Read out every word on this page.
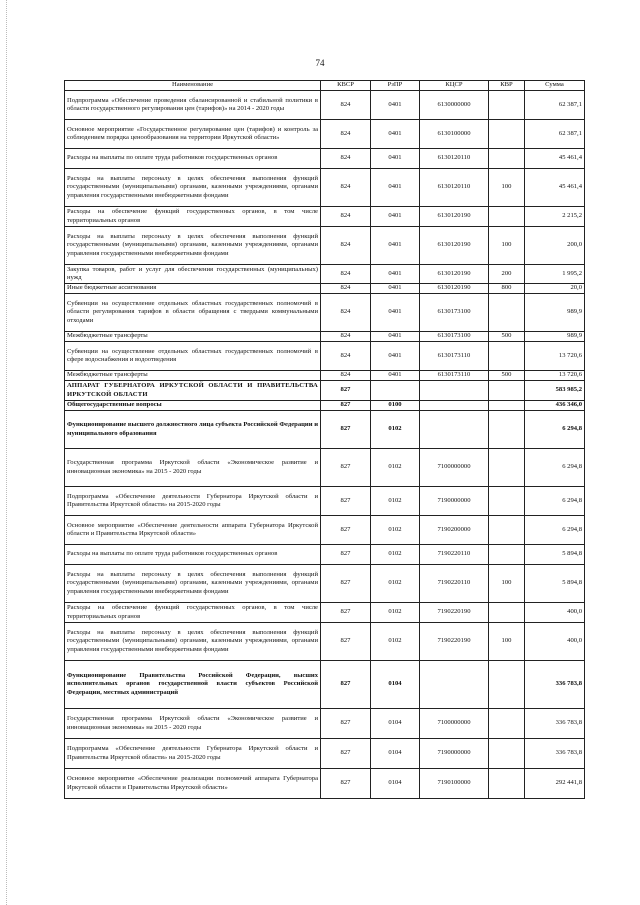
74
Наименование	КВСР	РзПР	КЦСР	КВР	Сумма
Подпрограмма «Обеспечение проведения сбалансированной и стабильной политики в области государственного регулирования цен (тарифов)» на 2014 - 2020 годы	824	0401	6130000000		62 387,1
Основное мероприятие «Государственное регулирование цен (тарифов) и контроль за соблюдением порядка ценообразования на территории Иркутской области»	824	0401	6130100000		62 387,1
Расходы на выплаты по оплате труда работников государственных органов	824	0401	6130120110		45 461,4
Расходы на выплаты персоналу в целях обеспечения выполнения функций государственными (муниципальными) органами, казенными учреждениями, органами управления государственными внебюджетными фондами	824	0401	6130120110	100	45 461,4
Расходы на обеспечение функций государственных органов, в том числе территориальных органов	824	0401	6130120190		2 215,2
Расходы на выплаты персоналу в целях обеспечения выполнения функций государственными (муниципальными) органами, казенными учреждениями, органами управления государственными внебюджетными фондами	824	0401	6130120190	100	200,0
Закупка товаров, работ и услуг для обеспечения государственных (муниципальных) нужд	824	0401	6130120190	200	1 995,2
Иные бюджетные ассигнования	824	0401	6130120190	800	20,0
Субвенции на осуществление отдельных областных государственных полномочий в области регулирования тарифов в области обращения с твердыми коммунальными отходами	824	0401	6130173100		989,9
Межбюджетные трансферты	824	0401	6130173100	500	989,9
Субвенции на осуществление отдельных областных государственных полномочий в сфере водоснабжения и водоотведения	824	0401	6130173110		13 720,6
Межбюджетные трансферты	824	0401	6130173110	500	13 720,6
АППАРАТ ГУБЕРНАТОРА ИРКУТСКОЙ ОБЛАСТИ И ПРАВИТЕЛЬСТВА ИРКУТСКОЙ ОБЛАСТИ	827				583 985,2
Общегосударственные вопросы	827	0100			436 346,0
Функционирование высшего должностного лица субъекта Российской Федерации и муниципального образования	827	0102			6 294,8
Государственная программа Иркутской области «Экономическое развитие и инновационная экономика» на 2015 - 2020 годы	827	0102	7100000000		6 294,8
Подпрограмма «Обеспечение деятельности Губернатора Иркутской области и Правительства Иркутской области» на 2015-2020 годы	827	0102	7190000000		6 294,8
Основное мероприятие «Обеспечение деятельности аппарата Губернатора Иркутской области и Правительства Иркутской области»	827	0102	7190200000		6 294,8
Расходы на выплаты по оплате труда работников государственных органов	827	0102	7190220110		5 894,8
Расходы на выплаты персоналу в целях обеспечения выполнения функций государственными (муниципальными) органами, казенными учреждениями, органами управления государственными внебюджетными фондами	827	0102	7190220110	100	5 894,8
Расходы на обеспечение функций государственных органов, в том числе территориальных органов	827	0102	7190220190		400,0
Расходы на выплаты персоналу в целях обеспечения выполнения функций государственными (муниципальными) органами, казенными учреждениями, органами управления государственными внебюджетными фондами	827	0102	7190220190	100	400,0
Функционирование Правительства Российской Федерации, высших исполнительных органов государственной власти субъектов Российской Федерации, местных администраций	827	0104			336 783,8
Государственная программа Иркутской области «Экономическое развитие и инновационная экономика» на 2015 - 2020 годы	827	0104	7100000000		336 783,8
Подпрограмма «Обеспечение деятельности Губернатора Иркутской области и Правительства Иркутской области» на 2015-2020 годы	827	0104	7190000000		336 783,8
Основное мероприятие «Обеспечение реализации полномочий аппарата Губернатора Иркутской области и Правительства Иркутской области»	827	0104	7190100000		292 441,8
